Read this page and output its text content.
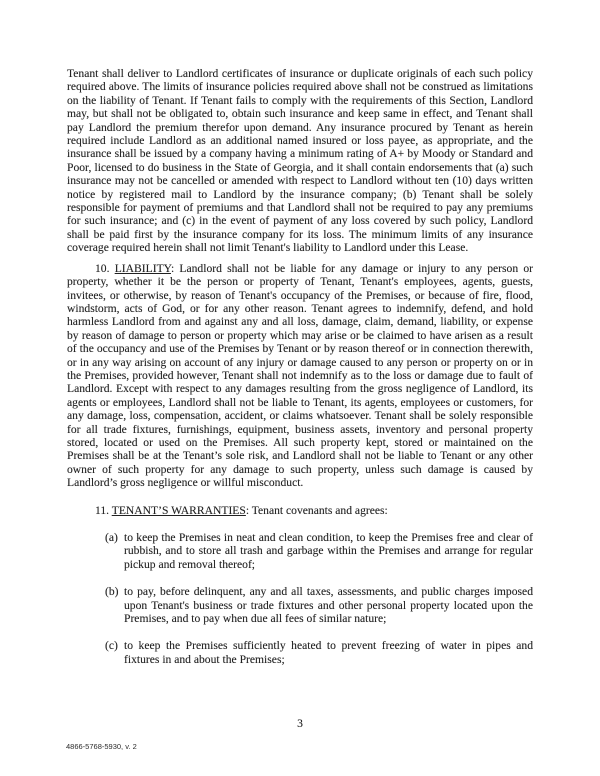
Tenant shall deliver to Landlord certificates of insurance or duplicate originals of each such policy required above. The limits of insurance policies required above shall not be construed as limitations on the liability of Tenant. If Tenant fails to comply with the requirements of this Section, Landlord may, but shall not be obligated to, obtain such insurance and keep same in effect, and Tenant shall pay Landlord the premium therefor upon demand. Any insurance procured by Tenant as herein required include Landlord as an additional named insured or loss payee, as appropriate, and the insurance shall be issued by a company having a minimum rating of A+ by Moody or Standard and Poor, licensed to do business in the State of Georgia, and it shall contain endorsements that (a) such insurance may not be cancelled or amended with respect to Landlord without ten (10) days written notice by registered mail to Landlord by the insurance company; (b) Tenant shall be solely responsible for payment of premiums and that Landlord shall not be required to pay any premiums for such insurance; and (c) in the event of payment of any loss covered by such policy, Landlord shall be paid first by the insurance company for its loss. The minimum limits of any insurance coverage required herein shall not limit Tenant's liability to Landlord under this Lease.

10. LIABILITY: Landlord shall not be liable for any damage or injury to any person or property, whether it be the person or property of Tenant, Tenant's employees, agents, guests, invitees, or otherwise, by reason of Tenant's occupancy of the Premises, or because of fire, flood, windstorm, acts of God, or for any other reason. Tenant agrees to indemnify, defend, and hold harmless Landlord from and against any and all loss, damage, claim, demand, liability, or expense by reason of damage to person or property which may arise or be claimed to have arisen as a result of the occupancy and use of the Premises by Tenant or by reason thereof or in connection therewith, or in any way arising on account of any injury or damage caused to any person or property on or in the Premises, provided however, Tenant shall not indemnify as to the loss or damage due to fault of Landlord. Except with respect to any damages resulting from the gross negligence of Landlord, its agents or employees, Landlord shall not be liable to Tenant, its agents, employees or customers, for any damage, loss, compensation, accident, or claims whatsoever. Tenant shall be solely responsible for all trade fixtures, furnishings, equipment, business assets, inventory and personal property stored, located or used on the Premises. All such property kept, stored or maintained on the Premises shall be at the Tenant’s sole risk, and Landlord shall not be liable to Tenant or any other owner of such property for any damage to such property, unless such damage is caused by Landlord’s gross negligence or willful misconduct.

11. TENANT’S WARRANTIES: Tenant covenants and agrees:

(a) to keep the Premises in neat and clean condition, to keep the Premises free and clear of rubbish, and to store all trash and garbage within the Premises and arrange for regular pickup and removal thereof;
(b) to pay, before delinquent, any and all taxes, assessments, and public charges imposed upon Tenant's business or trade fixtures and other personal property located upon the Premises, and to pay when due all fees of similar nature;
(c) to keep the Premises sufficiently heated to prevent freezing of water in pipes and fixtures in and about the Premises;
3
4866-5768-5930, v. 2
